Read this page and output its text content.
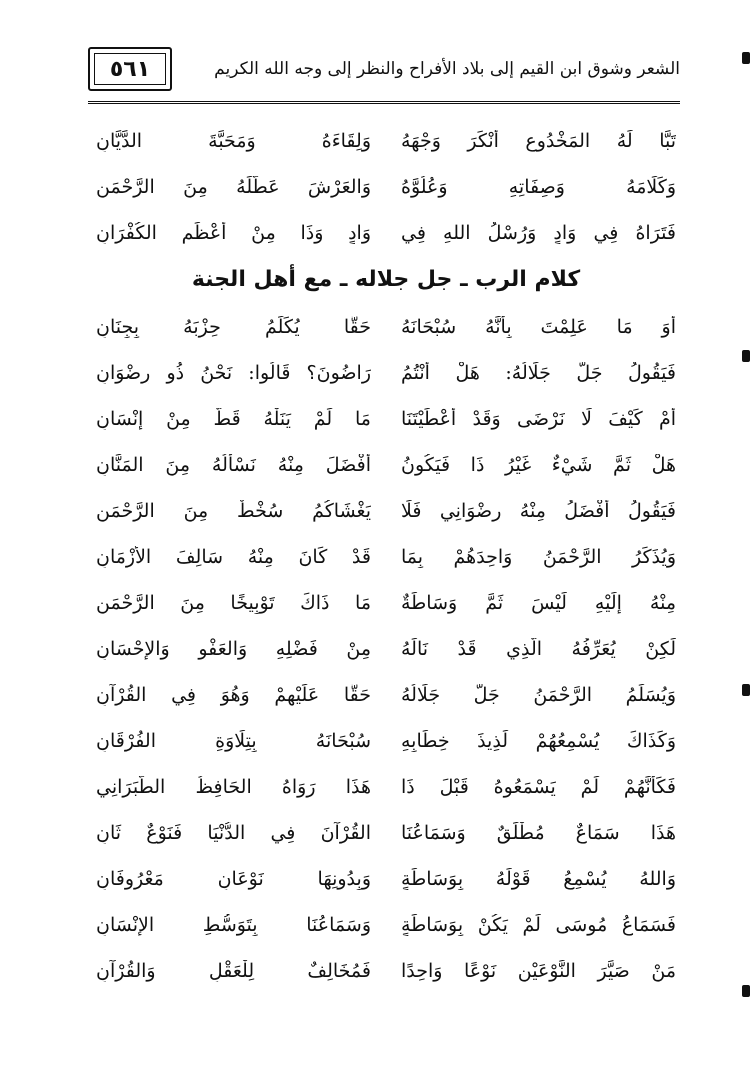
٥٦١	الشعر وشوق ابن القيم إلى بلاد الأفراح والنظر إلى وجه الله الكريم
تَبًّا لَهُ المَخْدُوعِ أَنْكَرَ وَجْهَهُ
وَلِقَاءَهُ وَمَحَبَّةَ الدَّيَّانِ
وَكَلَامَهُ وَصِفَاتِهِ وَعُلُوَّهُ
وَالعَرْشَ عَطَّلَهُ مِنَ الرَّحْمَنِ
فَتَرَاهُ فِي وَادٍ وَرُسْلُ اللهِ فِي
وَادٍ وَذَا مِنْ أَعْظَمِ الكُفْرَانِ
كلام الرب ـ جل جلاله ـ مع أهل الجنة
أَوَ مَا عَلِمْتَ بِأَنَّهُ سُبْحَانَهُ
حَقًّا يُكَلِّمُ حِزْبَهُ بِجِنَانِ
فَيَقُولُ جَلَّ جَلَالُهُ: هَلْ أَنْتُمُ
رَاضُونَ؟ قَالُوا: نَحْنُ ذُو رِضْوَانِ
أَمْ كَيْفَ لَا نَرْضَى وَقَدْ أَعْطَيْتَنَا
مَا لَمْ يَنَلْهُ قَطُّ مِنْ إِنْسَانِ
هَلْ ثَمَّ شَيْءٌ غَيْرُ ذَا فَيَكُونُ
أَفْضَلَ مِنْهُ نَسْأَلُهُ مِنَ المَنَّانِ
فَيَقُولُ أَفْضَلُ مِنْهُ رِضْوَانِي فَلَا
يَغْشَاكُمُ سُخْطٌ مِنَ الرَّحْمَنِ
وَيُذَكِّرُ الرَّحْمَنُ وَاحِدَهُمْ بِمَا
قَدْ كَانَ مِنْهُ سَالِفَ الأَزْمَانِ
مِنْهُ إِلَيْهِ لَيْسَ ثَمَّ وَسَاطَةٌ
مَا ذَاكَ تَوْبِيخًا مِنَ الرَّحْمَنِ
لَكِنْ يُعَرِّفُهُ الَّذِي قَدْ نَالَهُ
مِنْ فَضْلِهِ وَالعَفْوِ وَالإِحْسَانِ
وَيُسَلِّمُ الرَّحْمَنُ جَلَّ جَلَالُهُ
حَقًّا عَلَيْهِمْ وَهُوَ فِي القُرْآنِ
وَكَذَاكَ يُسْمِعُهُمْ لَذِيذَ خِطَابِهِ
سُبْحَانَهُ بِتِلَاوَةِ الفُرْقَانِ
فَكَأَنَّهُمْ لَمْ يَسْمَعُوهُ قَبْلَ ذَا
هَذَا رَوَاهُ الحَافِظُ الطَّبَرَانِي
هَذَا سَمَاعٌ مُطْلَقٌ وَسَمَاعُنَا
القُرْآنَ فِي الدُّنْيَا فَنَوْعٌ ثَانِ
وَاللهُ يُسْمِعُ قَوْلَهُ بِوَسَاطَةٍ
وَبِدُونِهَا نَوْعَانِ مَعْرُوفَانِ
فَسَمَاعُ مُوسَى لَمْ يَكُنْ بِوَسَاطَةٍ
وَسَمَاعُنَا بِتَوَسُّطِ الإِنْسَانِ
مَنْ صَيَّرَ النَّوْعَيْنِ نَوْعًا وَاحِدًا
فَمُخَالِفٌ لِلْعَقْلِ وَالقُرْآنِ
